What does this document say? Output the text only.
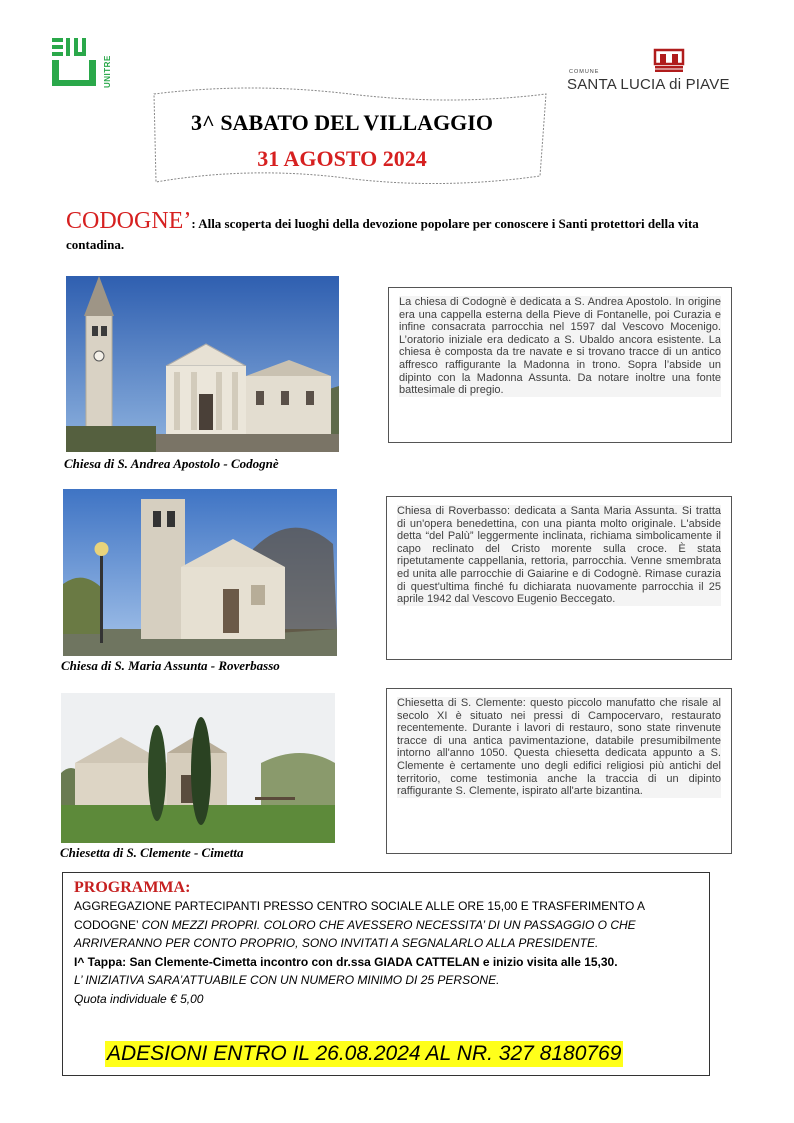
UNITRE	COMUNE
SANTA LUCIA di PIAVE
3^ SABATO DEL VILLAGGIO
31 AGOSTO 2024
CODOGNE’: Alla scoperta dei luoghi della devozione popolare per conoscere i Santi protettori della vita contadina.
Chiesa di S. Andrea Apostolo - Codognè
La chiesa di Codognè è dedicata a S. Andrea Apostolo. In origine era una cappella esterna della Pieve di Fontanelle, poi Curazia e infine consacrata parrocchia nel 1597 dal Vescovo Mocenigo. L’oratorio iniziale era dedicato a S. Ubaldo ancora esistente. La chiesa è composta da tre navate e si trovano tracce di un antico affresco raffigurante la Madonna in trono. Sopra l’abside un dipinto con la Madonna Assunta. Da notare inoltre una fonte battesimale di pregio.
Chiesa di S. Maria Assunta - Roverbasso
Chiesa di Roverbasso: dedicata a Santa Maria Assunta. Si tratta di un'opera benedettina, con una pianta molto originale. L'abside detta “del Palù” leggermente inclinata, richiama simbolicamente il capo reclinato del Cristo morente sulla croce. È stata ripetutamente cappellania, rettoria, parrocchia. Venne smembrata ed unita alle parrocchie di Gaiarine e di Codognè. Rimase curazia di quest'ultima finché fu dichiarata nuovamente parrocchia il 25 aprile 1942 dal Vescovo Eugenio Beccegato.
Chiesetta di S. Clemente - Cimetta
Chiesetta di S. Clemente: questo piccolo manufatto che risale al secolo XI è situato nei pressi di Campocervaro, restaurato recentemente. Durante i lavori di restauro, sono state rinvenute tracce di una antica pavimentazione, databile presumibilmente intorno all'anno 1050. Questa chiesetta dedicata appunto a S. Clemente è certamente uno degli edifici religiosi più antichi del territorio, come testimonia anche la traccia di un dipinto raffigurante S. Clemente, ispirato all'arte bizantina.
PROGRAMMA:
AGGREGAZIONE PARTECIPANTI PRESSO CENTRO SOCIALE ALLE ORE 15,00 E TRASFERIMENTO A CODOGNE’ CON MEZZI PROPRI. COLORO CHE AVESSERO NECESSITA’ DI UN PASSAGGIO O CHE ARRIVERANNO PER CONTO PROPRIO, SONO INVITATI A SEGNALARLO ALLA PRESIDENTE.
I^ Tappa: San Clemente-Cimetta incontro con dr.ssa GIADA CATTELAN e inizio visita alle 15,30.
L’ INIZIATIVA SARA’ATTUABILE CON UN NUMERO MINIMO DI 25 PERSONE.
Quota individuale € 5,00
ADESIONI ENTRO IL 26.08.2024 AL NR. 327 8180769
